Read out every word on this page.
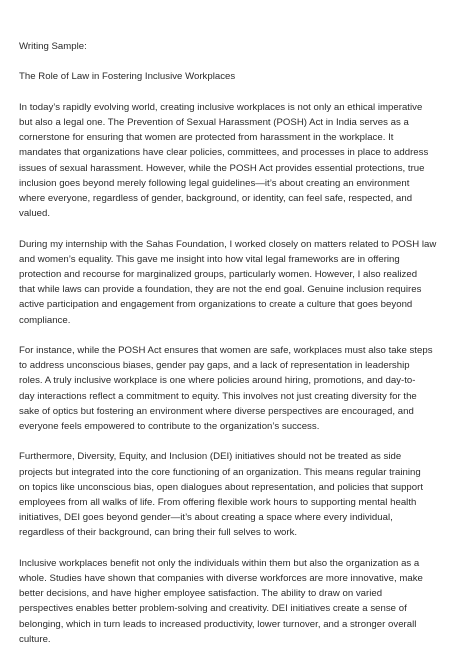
Writing Sample:
The Role of Law in Fostering Inclusive Workplaces
In today’s rapidly evolving world, creating inclusive workplaces is not only an ethical imperative
but also a legal one. The Prevention of Sexual Harassment (POSH) Act in India serves as a
cornerstone for ensuring that women are protected from harassment in the workplace. It
mandates that organizations have clear policies, committees, and processes in place to address
issues of sexual harassment. However, while the POSH Act provides essential protections, true
inclusion goes beyond merely following legal guidelines—it’s about creating an environment
where everyone, regardless of gender, background, or identity, can feel safe, respected, and
valued.
During my internship with the Sahas Foundation, I worked closely on matters related to POSH law
and women’s equality. This gave me insight into how vital legal frameworks are in offering
protection and recourse for marginalized groups, particularly women. However, I also realized
that while laws can provide a foundation, they are not the end goal. Genuine inclusion requires
active participation and engagement from organizations to create a culture that goes beyond
compliance.
For instance, while the POSH Act ensures that women are safe, workplaces must also take steps
to address unconscious biases, gender pay gaps, and a lack of representation in leadership
roles. A truly inclusive workplace is one where policies around hiring, promotions, and day-to-
day interactions reflect a commitment to equity. This involves not just creating diversity for the
sake of optics but fostering an environment where diverse perspectives are encouraged, and
everyone feels empowered to contribute to the organization’s success.
Furthermore, Diversity, Equity, and Inclusion (DEI) initiatives should not be treated as side
projects but integrated into the core functioning of an organization. This means regular training
on topics like unconscious bias, open dialogues about representation, and policies that support
employees from all walks of life. From offering flexible work hours to supporting mental health
initiatives, DEI goes beyond gender—it’s about creating a space where every individual,
regardless of their background, can bring their full selves to work.
Inclusive workplaces benefit not only the individuals within them but also the organization as a
whole. Studies have shown that companies with diverse workforces are more innovative, make
better decisions, and have higher employee satisfaction. The ability to draw on varied
perspectives enables better problem-solving and creativity. DEI initiatives create a sense of
belonging, which in turn leads to increased productivity, lower turnover, and a stronger overall
culture.
